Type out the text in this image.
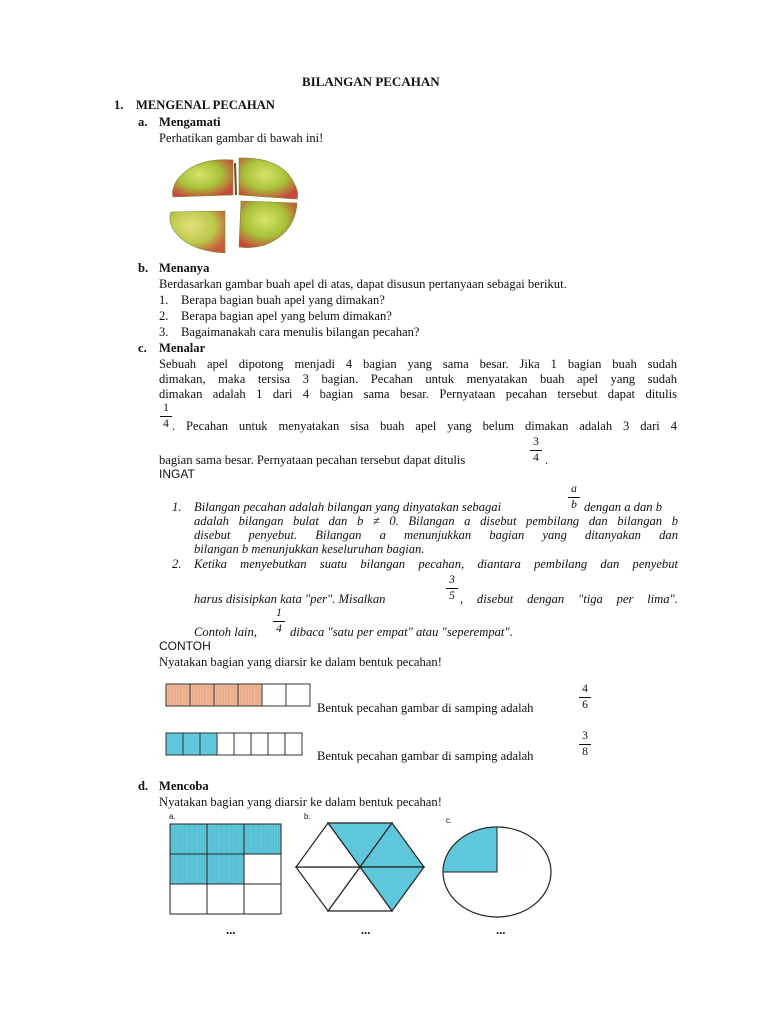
BILANGAN PECAHAN
1. MENGENAL PECAHAN
a. Mengamati
Perhatikan gambar di bawah ini!
b. Menanya
Berdasarkan gambar buah apel di atas, dapat disusun pertanyaan sebagai berikut.
1. Berapa bagian buah apel yang dimakan?
2. Berapa bagian apel yang belum dimakan?
3. Bagaimanakah cara menulis bilangan pecahan?
c. Menalar
Sebuah apel dipotong menjadi 4 bagian yang sama besar. Jika 1 bagian buah sudah
dimakan, maka tersisa 3 bagian. Pecahan untuk menyatakan buah apel yang sudah
dimakan adalah 1 dari 4 bagian sama besar. Pernyataan pecahan tersebut dapat ditulis
1
4 . Pecahan untuk menyatakan sisa buah apel yang belum dimakan adalah 3 dari 4
bagian sama besar. Pernyataan pecahan tersebut dapat ditulis
3
4 .
INGAT
1. Bilangan pecahan adalah bilangan yang dinyatakan sebagai
a
b dengan a dan b
adalah bilangan bulat dan b ≠ 0. Bilangan a disebut pembilang dan bilangan b
disebut penyebut. Bilangan a menunjukkan bagian yang ditanyakan dan
bilangan b menunjukkan keseluruhan bagian.
2. Ketika menyebutkan suatu bilangan pecahan, diantara pembilang dan penyebut
harus disisipkan kata "per". Misalkan
3
5 , disebut dengan "tiga per lima".
Contoh lain,
1
4 dibaca "satu per empat" atau "seperempat".
CONTOH
Nyatakan bagian yang diarsir ke dalam bentuk pecahan!
Bentuk pecahan gambar di samping adalah
4
6
Bentuk pecahan gambar di samping adalah
3
8
d. Mencoba
Nyatakan bagian yang diarsir ke dalam bentuk pecahan!
a.	b.	c.
...	...	...
